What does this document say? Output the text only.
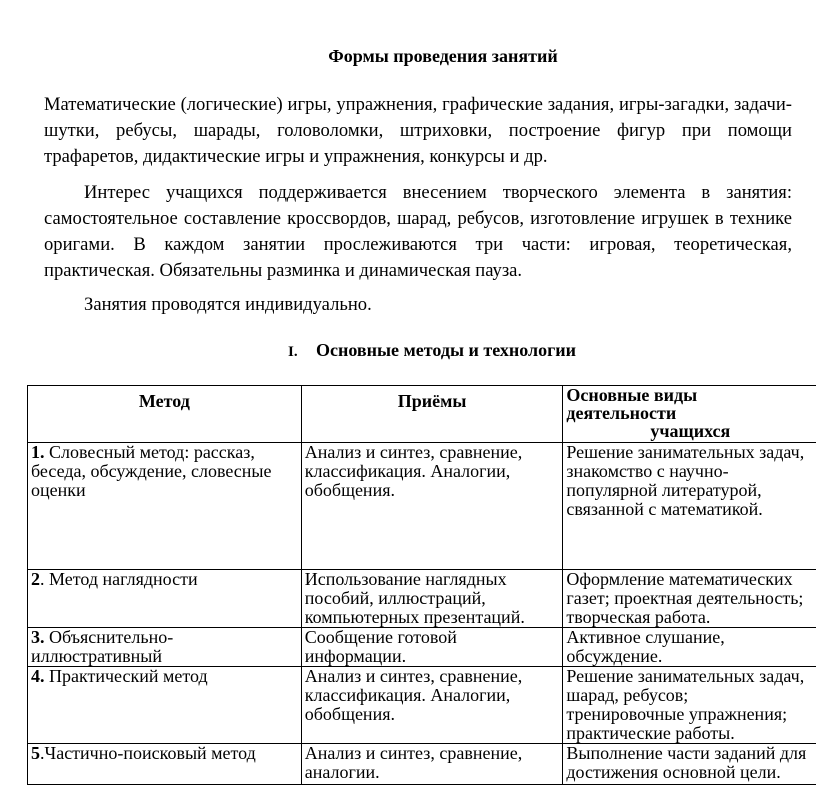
Формы проведения занятий
Математические (логические) игры, упражнения, графические задания, игры-загадки, задачи-шутки, ребусы, шарады, головоломки, штриховки, построение фигур при помощи трафаретов, дидактические игры и упражнения, конкурсы и др.
Интерес учащихся поддерживается внесением творческого элемента в занятия: самостоятельное составление кроссвордов, шарад, ребусов, изготовление игрушек в технике оригами. В каждом занятии прослеживаются три части: игровая, теоретическая, практическая. Обязательны разминка и динамическая пауза.
Занятия проводятся индивидуально.
I. Основные методы и технологии
Метод	Приёмы	Основные виды
деятельности
учащихся

1. Словесный метод: рассказ,
беседа, обсуждение, словесные
оценки	Анализ и синтез, сравнение,
классификация. Аналогии,
обобщения.	Решение занимательных задач,
знакомство с научно-
популярной литературой,
связанной с математикой.

2. Метод наглядности	Использование наглядных
пособий, иллюстраций,
компьютерных презентаций.	Оформление математических
газет; проектная деятельность;
творческая работа.

3. Объяснительно-
иллюстративный	Сообщение готовой
информации.	Активное слушание,
обсуждение.

4. Практический метод	Анализ и синтез, сравнение,
классификация. Аналогии,
обобщения.	Решение занимательных задач,
шарад, ребусов;
тренировочные упражнения;
практические работы.

5.Частично-поисковый метод	Анализ и синтез, сравнение,
аналогии.	Выполнение части заданий для
достижения основной цели.
